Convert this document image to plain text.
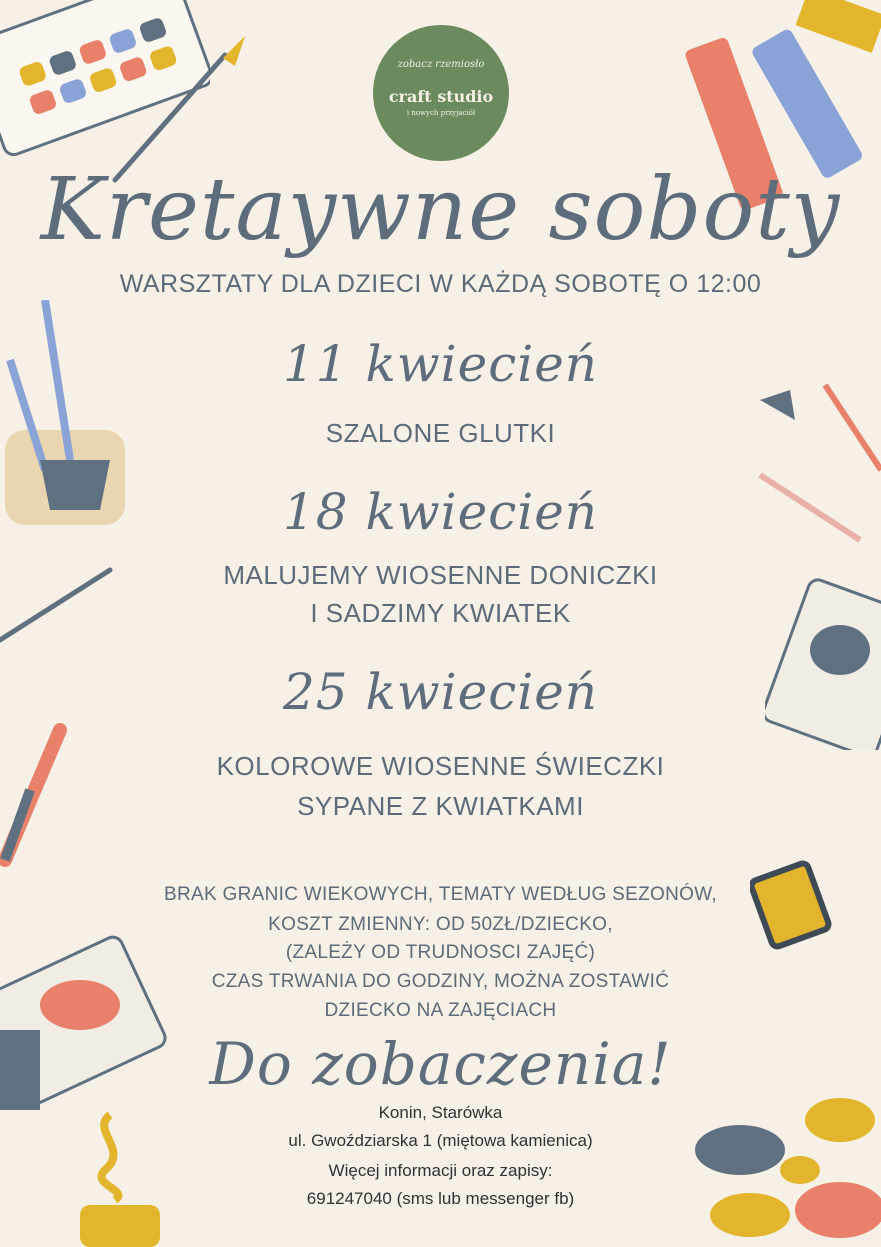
zobacz rzemiosło
craft studio
i nowych przyjaciół
Kretaywne soboty
WARSZTATY DLA DZIECI W KAŻDĄ SOBOTĘ O 12:00
11 kwiecień
SZALONE GLUTKI
18 kwiecień
MALUJEMY WIOSENNE DONICZKI
I SADZIMY KWIATEK
25 kwiecień
KOLOROWE WIOSENNE ŚWIECZKI
SYPANE Z KWIATKAMI
BRAK GRANIC WIEKOWYCH, TEMATY WEDŁUG SEZONÓW,
KOSZT ZMIENNY: OD 50ZŁ/DZIECKO,
(ZALEŻY OD TRUDNOSCI ZAJĘĆ)
CZAS TRWANIA DO GODZINY, MOŻNA ZOSTAWIĆ
DZIECKO NA ZAJĘCIACH
Do zobaczenia!
Konin, Starówka
ul. Gwoździarska 1 (miętowa kamienica)
Więcej informacji oraz zapisy:
691247040 (sms lub messenger fb)
